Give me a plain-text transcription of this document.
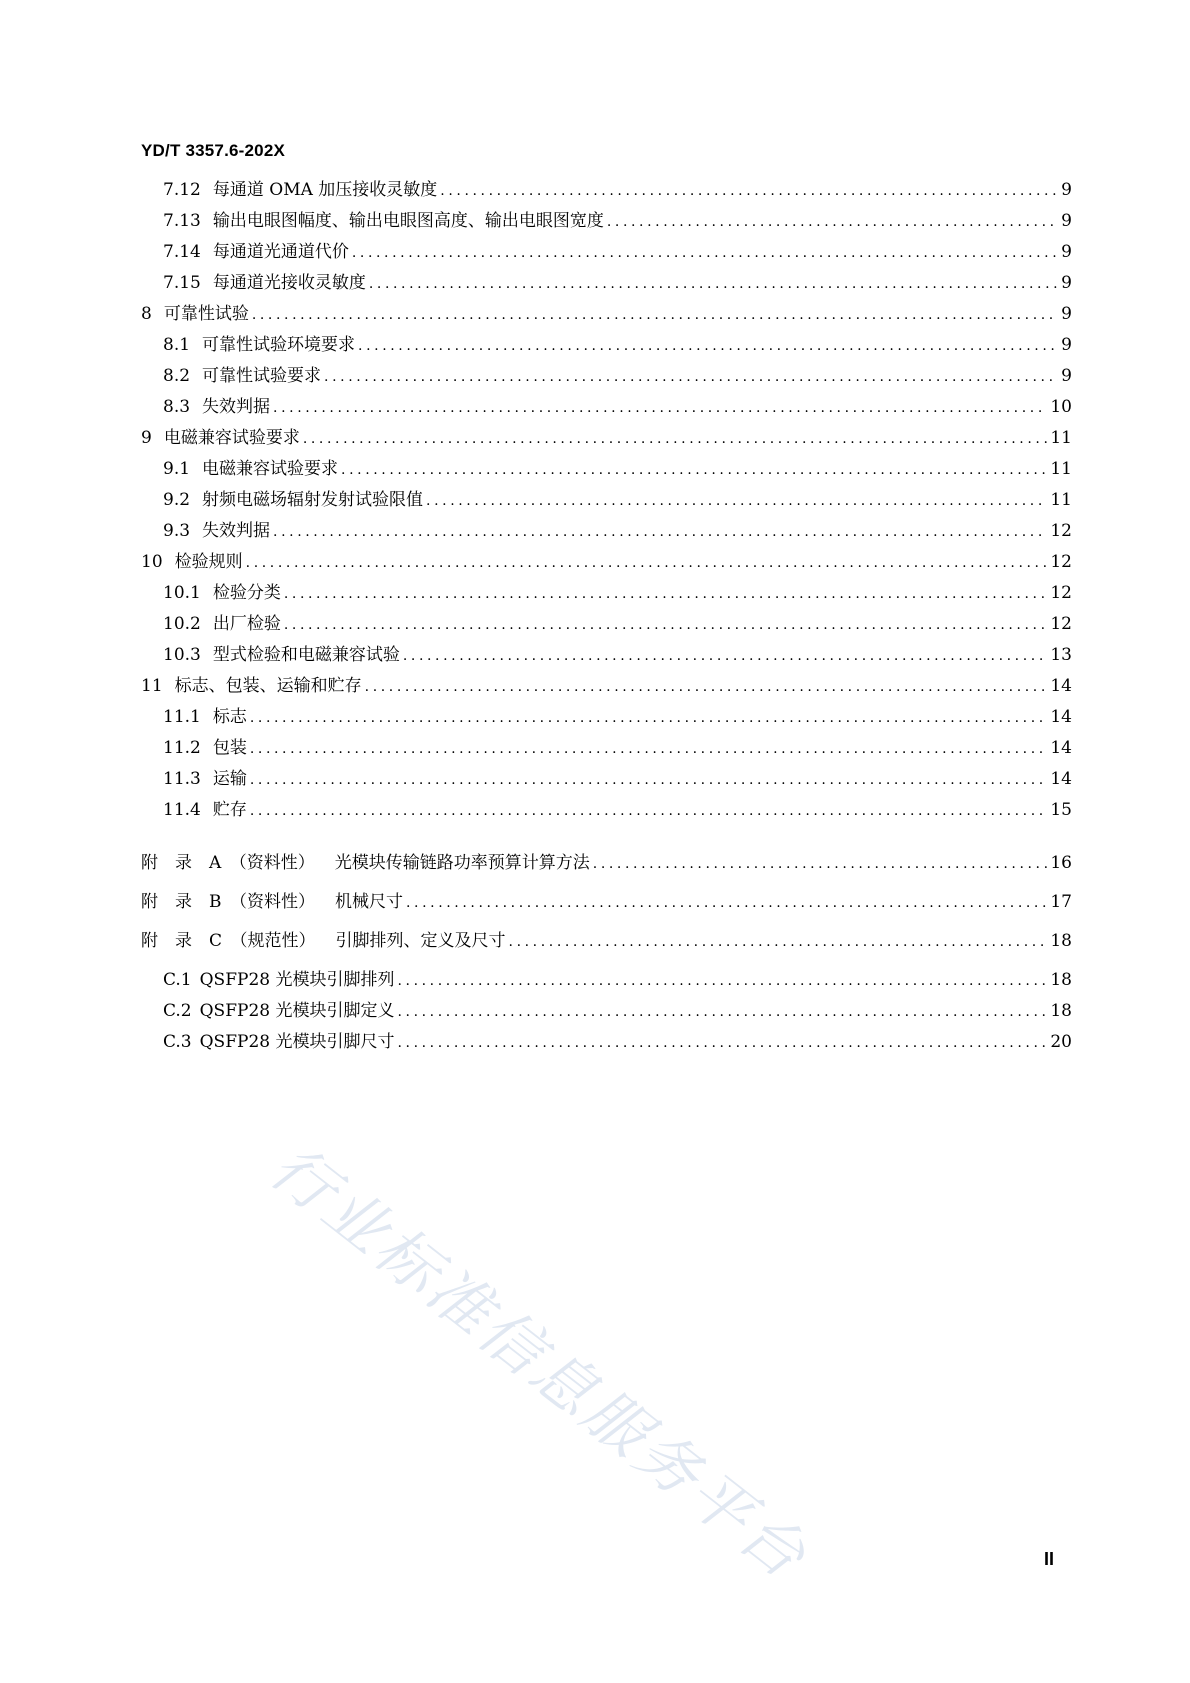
YD/T 3357.6-202X
7.12 每通道 OMA 加压接收灵敏度 .....	9
7.13 输出电眼图幅度、输出电眼图高度、输出电眼图宽度 .....	9
7.14 每通道光通道代价 .....	9
7.15 每通道光接收灵敏度 .....	9
8 可靠性试验 .....	9
8.1 可靠性试验环境要求 .....	9
8.2 可靠性试验要求 .....	9
8.3 失效判据 .....	10
9 电磁兼容试验要求 .....	11
9.1 电磁兼容试验要求 .....	11
9.2 射频电磁场辐射发射试验限值 .....	11
9.3 失效判据 .....	12
10 检验规则 .....	12
10.1 检验分类 .....	12
10.2 出厂检验 .....	12
10.3 型式检验和电磁兼容试验 .....	13
11 标志、包装、运输和贮存 .....	14
11.1 标志 .....	14
11.2 包装 .....	14
11.3 运输 .....	14
11.4 贮存 .....	15
附　录　A　（资料性） 光模块传输链路功率预算计算方法 .....	16
附　录　B　（资料性） 机械尺寸 .....	17
附　录　C　（规范性） 引脚排列、定义及尺寸 .....	18
C.1 QSFP28 光模块引脚排列 .....	18
C.2 QSFP28 光模块引脚定义 .....	18
C.3 QSFP28 光模块引脚尺寸 .....	20
行业标准信息服务平台	II
